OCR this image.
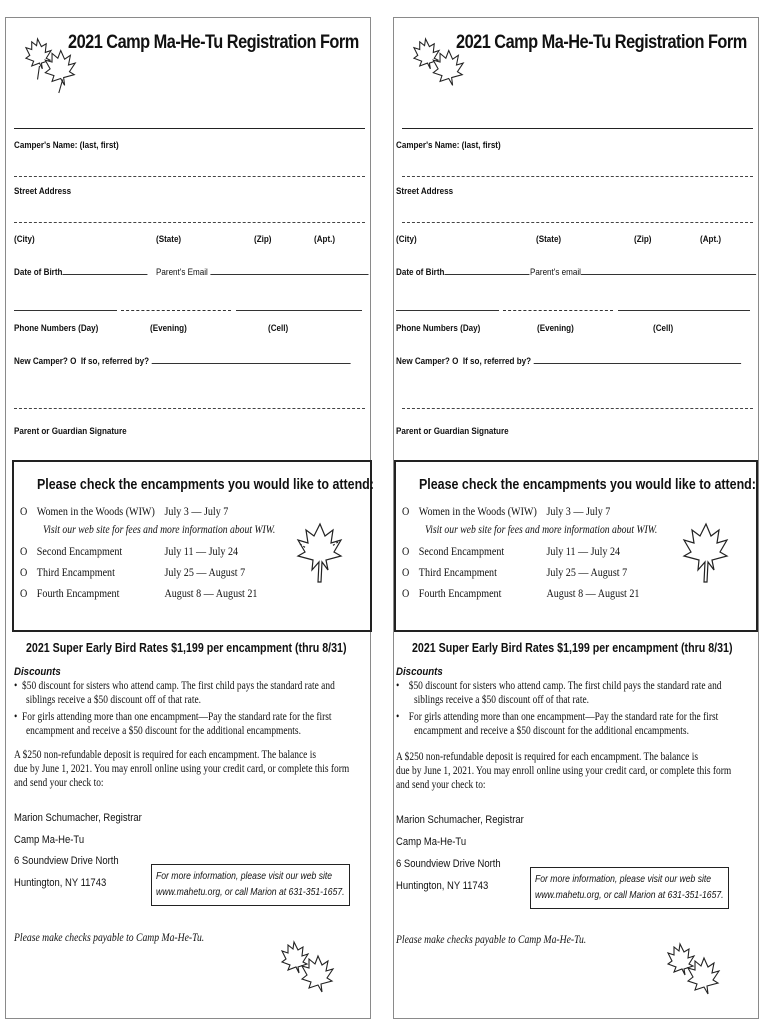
2021 Camp Ma-He-Tu Registration Form
Camper's Name: (last, first)
Street Address
(City)	(State)	(Zip)	(Apt.)
Date of Birth	Parent's Email
Phone Numbers (Day)	(Evening)	(Cell)
New Camper? O If so, referred by?
Parent or Guardian Signature
Please check the encampments you would like to attend:
O Women in the Woods (WIW) July 3 — July 7
Visit our web site for fees and more information about WIW.
O Second Encampment	July 11 — July 24
O Third Encampment	July 25 — August 7
O Fourth Encampment	August 8 — August 21
2021 Super Early Bird Rates $1,199 per encampment (thru 8/31)
Discounts
• $50 discount for sisters who attend camp. The first child pays the standard rate and
siblings receive a $50 discount off of that rate.
• For girls attending more than one encampment—Pay the standard rate for the first
encampment and receive a $50 discount for the additional encampments.
A $250 non-refundable deposit is required for each encampment. The balance is
due by June 1, 2021. You may enroll online using your credit card, or complete this form
and send your check to:
Marion Schumacher, Registrar
Camp Ma-He-Tu
6 Soundview Drive North
Huntington, NY 11743
For more information, please visit our web site
www.mahetu.org, or call Marion at 631-351-1657.
Please make checks payable to Camp Ma-He-Tu.
2021 Camp Ma-He-Tu Registration Form
Camper's Name: (last, first)
Street Address
(City)	(State)	(Zip)	(Apt.)
Date of Birth	Parent's email
Phone Numbers (Day)	(Evening)	(Cell)
New Camper? O If so, referred by?
Parent or Guardian Signature
Please check the encampments you would like to attend:
O Women in the Woods (WIW) July 3 — July 7
Visit our web site for fees and more information about WIW.
O Second Encampment	July 11 — July 24
O Third Encampment	July 25 — August 7
O Fourth Encampment	August 8 — August 21
2021 Super Early Bird Rates $1,199 per encampment (thru 8/31)
Discounts
• $50 discount for sisters who attend camp. The first child pays the standard rate and
siblings receive a $50 discount off of that rate.
• For girls attending more than one encampment—Pay the standard rate for the first
encampment and receive a $50 discount for the additional encampments.
A $250 non-refundable deposit is required for each encampment. The balance is
due by June 1, 2021. You may enroll online using your credit card, or complete this form
and send your check to:
Marion Schumacher, Registrar
Camp Ma-He-Tu
6 Soundview Drive North
Huntington, NY 11743
For more information, please visit our web site
www.mahetu.org, or call Marion at 631-351-1657.
Please make checks payable to Camp Ma-He-Tu.
